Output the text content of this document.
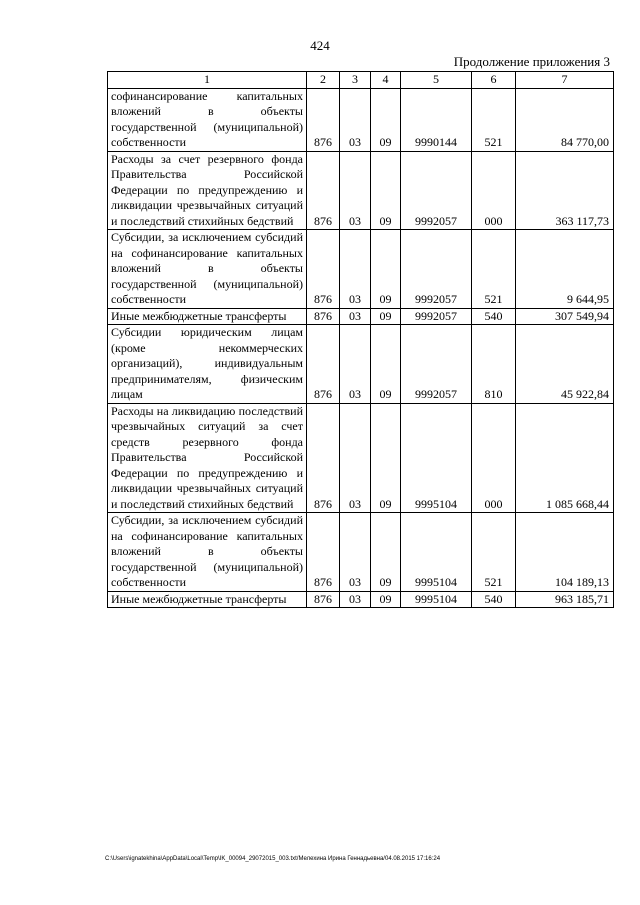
424
Продолжение приложения 3
1	2	3	4	5	6	7
софинансирование капитальных вложений в объекты государственной (муниципальной) собственности	876	03	09	9990144	521	84 770,00
Расходы за счет резервного фонда Правительства Российской Федерации по предупреждению и ликвидации чрезвычайных ситуаций и последствий стихийных бедствий	876	03	09	9992057	000	363 117,73
Субсидии, за исключением субсидий на софинансирование капитальных вложений в объекты государственной (муниципальной) собственности	876	03	09	9992057	521	9 644,95
Иные межбюджетные трансферты	876	03	09	9992057	540	307 549,94
Субсидии юридическим лицам (кроме некоммерческих организаций), индивидуальным предпринимателям, физическим лицам	876	03	09	9992057	810	45 922,84
Расходы на ликвидацию последствий чрезвычайных ситуаций за счет средств резервного фонда Правительства Российской Федерации по предупреждению и ликвидации чрезвычайных ситуаций и последствий стихийных бедствий	876	03	09	9995104	000	1 085 668,44
Субсидии, за исключением субсидий на софинансирование капитальных вложений в объекты государственной (муниципальной) собственности	876	03	09	9995104	521	104 189,13
Иные межбюджетные трансферты	876	03	09	9995104	540	963 185,71
C:\Users\ignatekhina\AppData\Local\Temp\IK_00094_29072015_003.txt/Мелехина Ирина Геннадьевна/04.08.2015 17:16:24
